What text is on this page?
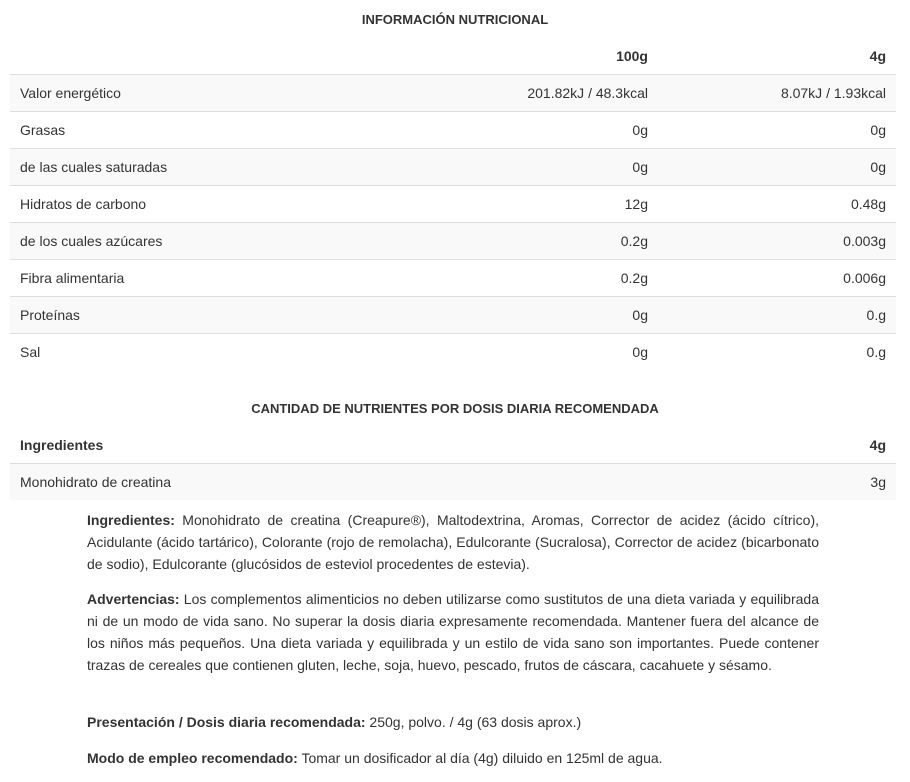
INFORMACIÓN NUTRICIONAL
	100g	4g
Valor energético	201.82kJ / 48.3kcal	8.07kJ / 1.93kcal
Grasas	0g	0g
de las cuales saturadas	0g	0g
Hidratos de carbono	12g	0.48g
de los cuales azúcares	0.2g	0.003g
Fibra alimentaria	0.2g	0.006g
Proteínas	0g	0.g
Sal	0g	0.g
CANTIDAD DE NUTRIENTES POR DOSIS DIARIA RECOMENDADA
Ingredientes		4g
Monohidrato de creatina		3g
Ingredientes: Monohidrato de creatina (Creapure®), Maltodextrina, Aromas, Corrector de acidez (ácido cítrico), Acidulante (ácido tartárico), Colorante (rojo de remolacha), Edulcorante (Sucralosa), Corrector de acidez (bicarbonato de sodio), Edulcorante (glucósidos de esteviol procedentes de estevia).
Advertencias: Los complementos alimenticios no deben utilizarse como sustitutos de una dieta variada y equilibrada ni de un modo de vida sano. No superar la dosis diaria expresamente recomendada. Mantener fuera del alcance de los niños más pequeños. Una dieta variada y equilibrada y un estilo de vida sano son importantes. Puede contener trazas de cereales que contienen gluten, leche, soja, huevo, pescado, frutos de cáscara, cacahuete y sésamo.
Presentación / Dosis diaria recomendada: 250g, polvo. / 4g (63 dosis aprox.)
Modo de empleo recomendado: Tomar un dosificador al día (4g) diluido en 125ml de agua.
